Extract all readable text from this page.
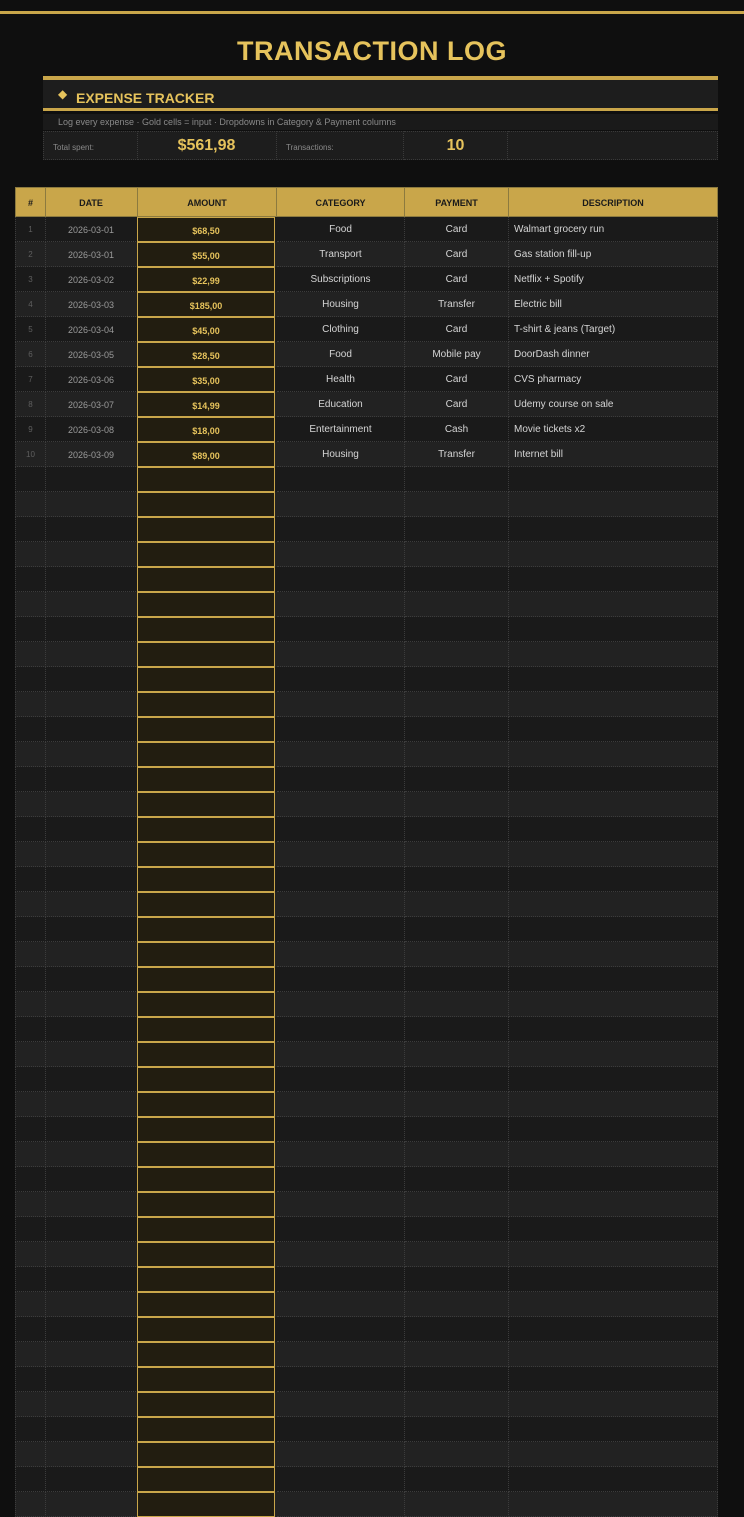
TRANSACTION LOG
◆ EXPENSE TRACKER
Log every expense · Gold cells = input · Dropdowns in Category & Payment columns
Total spent:	$561,98	Transactions:	10
#	DATE	AMOUNT	CATEGORY	PAYMENT	DESCRIPTION
1	2026-03-01	$68,50	Food	Card	Walmart grocery run
2	2026-03-01	$55,00	Transport	Card	Gas station fill-up
3	2026-03-02	$22,99	Subscriptions	Card	Netflix + Spotify
4	2026-03-03	$185,00	Housing	Transfer	Electric bill
5	2026-03-04	$45,00	Clothing	Card	T-shirt & jeans (Target)
6	2026-03-05	$28,50	Food	Mobile pay	DoorDash dinner
7	2026-03-06	$35,00	Health	Card	CVS pharmacy
8	2026-03-07	$14,99	Education	Card	Udemy course on sale
9	2026-03-08	$18,00	Entertainment	Cash	Movie tickets x2
10	2026-03-09	$89,00	Housing	Transfer	Internet bill
